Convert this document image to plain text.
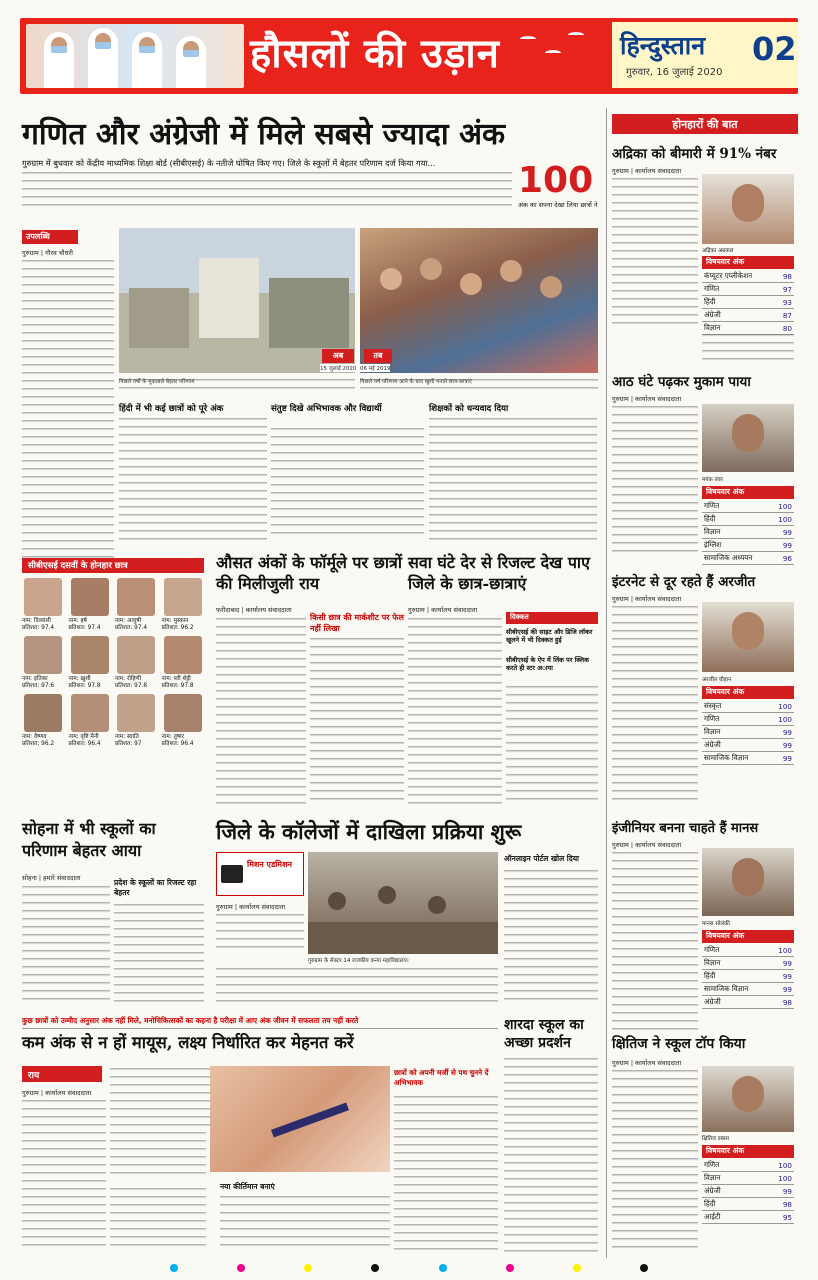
हौसलों की उड़ान	हिन्दुस्तान
गुरुवार, 16 जुलाई 2020
02
गणित और अंग्रेजी में मिले सबसे ज्यादा अंक
गुरुग्राम में बुधवार को केंद्रीय माध्यमिक शिक्षा बोर्ड (सीबीएसई) के नतीजे घोषित किए गए। जिले के स्कूलों में बेहतर परिणाम दर्ज किया गया...	100
अंक का सपना देखा लिया छात्रों ने
होनहारों की बात
उपलब्धि
गुरुग्राम | गौरव चौधरी
अब
15 जुलाई 2020
तब
06 मई 2019
पिछले वर्षों के मुकाबले बेहतर परिणाम	पिछले वर्ष परिणाम आने के बाद खुशी मनाते छात्र-छात्राएं
हिंदी में भी कई छात्रों को पूरे अंक	संतुष्ट दिखे अभिभावक और विद्यार्थी	शिक्षकों को धन्यवाद दिया
सीबीएसई दसवीं के होनहार छात्र
नाम: दिव्यांशी
प्रतिशत: 97.4
नाम: हर्ष
प्रतिशत: 97.4
नाम: आयुषी
प्रतिशत: 97.4
नाम: मुस्कान
प्रतिशत: 96.2
नाम: इतिका
प्रतिशत: 97.6
नाम: ख़ुशी
प्रतिशत: 97.8
नाम: रोहिणी
प्रतिशत: 97.8
नाम: परी शेट्टी
प्रतिशत: 97.8
नाम: वैष्णव
प्रतिशत: 96.2
नाम: वृष्टि मैनी
प्रतिशत: 96.4
नाम: स्वाति
प्रतिशत: 97
नाम: तुषार
प्रतिशत: 96.4
औसत अंकों के फॉर्मूले पर छात्रों की मिलीजुली राय
फरीदाबाद | कार्यालय संवाददाता
किसी छात्र की मार्कशीट पर फेल नहीं लिखा
सवा घंटे देर से रिजल्ट देख पाए जिले के छात्र-छात्राएं
गुरुग्राम | कार्यालय संवाददाता
दिक्कत
सीबीएसई की साइट और डिजि लॉकर खुलने में भी दिक्कत हुई
सीबीएसई के ऐप में लिंक पर क्लिक करते ही स्टर अाया
जिले के कॉलेजों में दाखिला प्रक्रिया शुरू
सोहना में भी स्कूलों का परिणाम बेहतर आया
सोहना | हमारे संवाददाता	प्रदेश के स्कूलों का रिजल्ट रहा बेहतर
मिशन एडमिशन
गुरुग्राम | कार्यालय संवाददाता
गुरुग्राम के सेक्टर 14 राजकीय कन्या महाविद्यालय।
ऑनलाइन पोर्टल खोल दिया
शारदा स्कूल का अच्छा प्रदर्शन
कुछ छात्रों को उम्मीद अनुसार अंक नहीं मिले, मनोचिकित्सकों का कहना है परीक्षा में आए अंक जीवन में सफलता तय नहीं करते
कम अंक से न हों मायूस, लक्ष्य निर्धारित कर मेहनत करें
राय
गुरुग्राम | कार्यालय संवाददाता
नया कीर्तिमान बनाएं
छात्रों को अपनी मर्जी से पथ चुनने दें अभिभावक
अद्रिका को बीमारी में 91% नंबर
गुरुग्राम | कार्यालय संवाददाता
अद्रिका अग्रवाल
विषयवार अंक
कंप्यूटर एप्लीकेशन	98
गणित	97
हिंदी	93
अंग्रेजी	87
विज्ञान	80
आठ घंटे पढ़कर मुकाम पाया
गुरुग्राम | कार्यालय संवाददाता
मयंक तंवर
विषयवार अंक
गणित	100
हिंदी	100
विज्ञान	99
इंग्लिश	99
सामाजिक अध्ययन	96
इंटरनेट से दूर रहते हैं अरजीत
गुरुग्राम | कार्यालय संवाददाता
अरजीत चौहान
विषयवार अंक
संस्कृत	100
गणित	100
विज्ञान	99
अंग्रेजी	99
सामाजिक विज्ञान	99
इंजीनियर बनना चाहते हैं मानस
गुरुग्राम | कार्यालय संवाददाता
मानस सोलंकी
विषयवार अंक
गणित	100
विज्ञान	99
हिंदी	99
सामाजिक विज्ञान	99
अंग्रेजी	98
क्षितिज ने स्कूल टॉप किया
गुरुग्राम | कार्यालय संवाददाता
क्षितिज डबास
विषयवार अंक
गणित	100
विज्ञान	100
अंग्रेजी	99
हिंदी	98
आईटी	95
